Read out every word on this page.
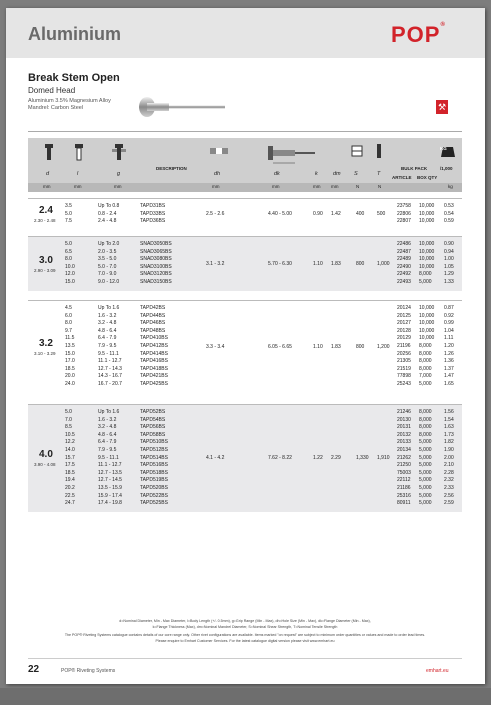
Aluminium	POP®
Break Stem Open
Domed Head
Aluminium 3.5% Magnesium Alloy
Mandrel: Carbon Steel	⚒
KG
d	l	g
DESCRIPTION
dh	dk	k	dm S	T
BULK PACK
ARTICLE BOX QTY
/1,000
mm	mm	mm	mm	mm	mm mm	N	N	kg
2.4
2.30 - 2.48
2.5 - 2.6	4.40 - 5.00	0.90 1.42	400	500
3.5	Up To 0.8	TAPD31BS	23758 10,000 0.53
5.0	0.8 - 2.4	TAPD33BS	22806 10,000 0.54
7.5	2.4 - 4.8	TAPD36BS	22807 10,000 0.59
3.0
2.90 - 3.09
3.1 - 3.2	5.70 - 6.30	1.10 1.83	800	1,000
5.0	Up To 2.0	SNAD3050BS	22486 10,000 0.90
6.5	2.0 - 3.5	SNAD3065BS	22487 10,000 0.94
8.0	3.5 - 5.0	SNAD3080BS	22489 10,000 1.00
10.0	5.0 - 7.0	SNAD3100BS	22490 10,000 1.05
12.0	7.0 - 9.0	SNAD3120BS	22492 8,000 1.29
15.0	9.0 - 12.0	SNAD3150BS	22493 5,000 1.33
3.2
3.10 - 3.29
3.3 - 3.4	6.05 - 6.65	1.10 1.83	800	1,200
4.5	Up To 1.6	TAPD42BS	20124 10,000 0.87
6.0	1.6 - 3.2	TAPD44BS	20125 10,000 0.92
8.0	3.2 - 4.8	TAPD46BS	20127 10,000 0.99
9.7	4.8 - 6.4	TAPD48BS	20128 10,000 1.04
11.5	6.4 - 7.9	TAPD410BS	20129 10,000 1.11
13.5	7.9 - 9.5	TAPD412BS	21196 8,000 1.20
15.0	9.5 - 11.1	TAPD414BS	20256 8,000 1.26
17.0	11.1 - 12.7	TAPD416BS	21305 8,000 1.36
18.5	12.7 - 14.3	TAPD418BS	21519 8,000 1.37
20.0	14.3 - 16.7	TAPD421BS	77898 7,000 1.47
24.0	16.7 - 20.7	TAPD425BS	25243 5,000 1.65
4.0
3.90 - 4.08
4.1 - 4.2	7.62 - 8.22	1.22 2.29	1,330 1,910
5.0	Up To 1.6	TAPD52BS	21246 8,000 1.56
7.0	1.6 - 3.2	TAPD54BS	20130 8,000 1.54
8.5	3.2 - 4.8	TAPD56BS	20131 8,000 1.63
10.5	4.8 - 6.4	TAPD58BS	20132 8,000 1.73
12.2	6.4 - 7.9	TAPD510BS	20133 5,000 1.82
14.0	7.9 - 9.5	TAPD512BS	20134 5,000 1.90
15.7	9.5 - 11.1	TAPD514BS	21262 5,000 2.00
17.5	11.1 - 12.7	TAPD516BS	21250 5,000 2.10
18.5	12.7 - 13.5	TAPD518BS	75003 5,000 2.28
19.4	12.7 - 14.5	TAPD519BS	22112 5,000 2.32
20.2	13.5 - 15.9	TAPD520BS	21186 5,000 2.33
22.5	15.9 - 17.4	TAPD522BS	25316 5,000 2.56
24.7	17.4 - 19.8	TAPD525BS	80911 5,000 2.59
d=Nominal Diameter, Min - Max Diameter, l=Body Length (+/- 0.5mm), g=Grip Range (Min - Max), dh=Hole Size (Min - Max), dk=Flange Diameter (Min - Max),
k=Flange Thickness (Max), dm=Nominal Mandrel Diameter, S=Nominal Shear Strength, T=Nominal Tensile Strength
The POP® Riveting Systems catalogue contains details of our core range only. Other rivet configurations are available. Items marked "on request" are subject to minimum order quantities or values and made to order lead times.
Please enquire to Emhart Customer Services. For the latest catalogue digital version please visit www.emhart.eu
22	POP® Riveting Systems	emhart.eu
